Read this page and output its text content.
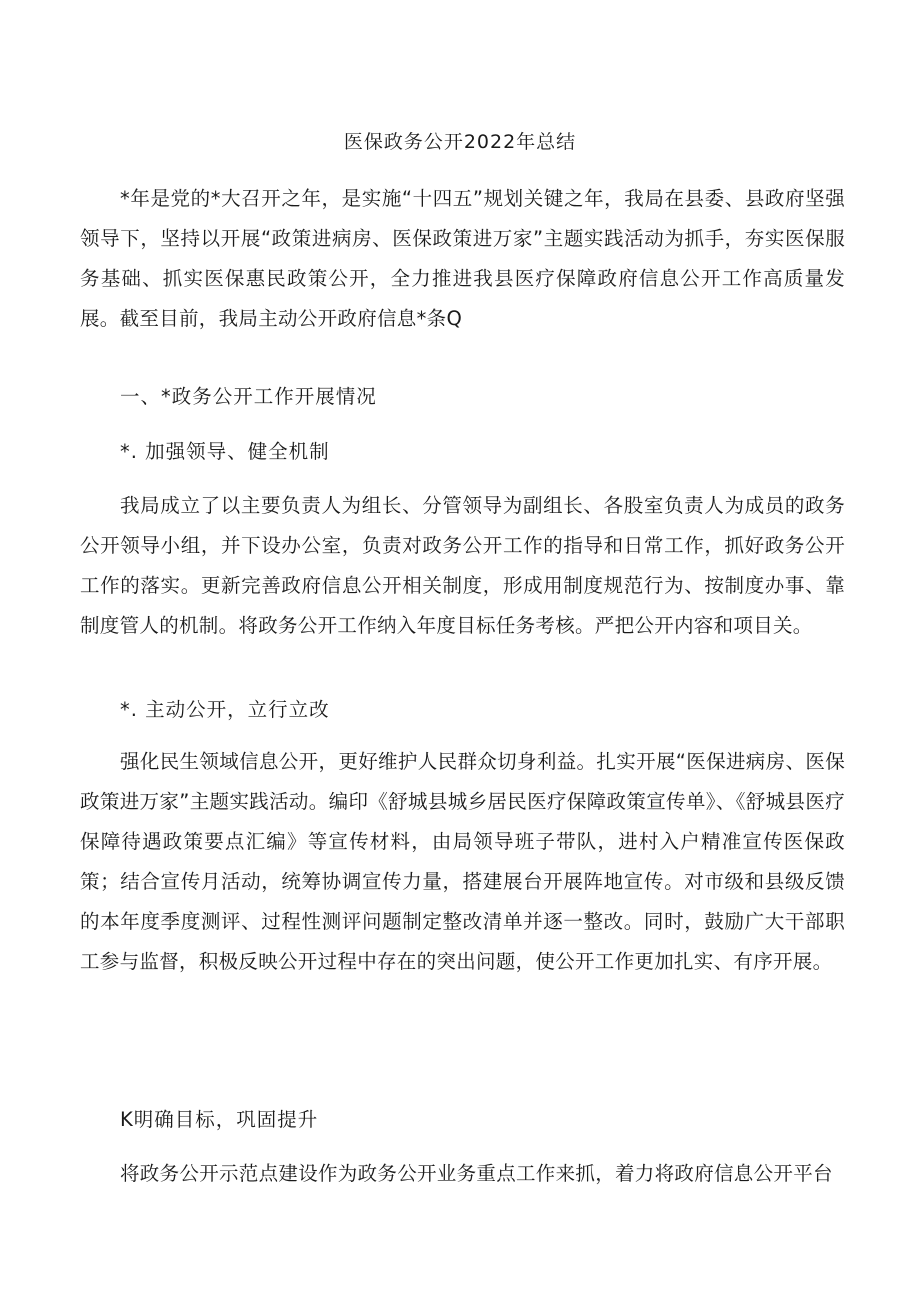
医保政务公开2022年总结

*年是党的*大召开之年，是实施“十四五”规划关键之年，我局在县委、县政府坚强领导下，坚持以开展“政策进病房、医保政策进万家”主题实践活动为抓手，夯实医保服务基础、抓实医保惠民政策公开，全力推进我县医疗保障政府信息公开工作高质量发展。截至目前，我局主动公开政府信息*条Q

一、*政务公开工作开展情况

*. 加强领导、健全机制

我局成立了以主要负责人为组长、分管领导为副组长、各股室负责人为成员的政务公开领导小组，并下设办公室，负责对政务公开工作的指导和日常工作，抓好政务公开工作的落实。更新完善政府信息公开相关制度，形成用制度规范行为、按制度办事、靠制度管人的机制。将政务公开工作纳入年度目标任务考核。严把公开内容和项目关。

*. 主动公开，立行立改

强化民生领域信息公开，更好维护人民群众切身利益。扎实开展“医保进病房、医保政策进万家”主题实践活动。编印《舒城县城乡居民医疗保障政策宣传单》、《舒城县医疗保障待遇政策要点汇编》等宣传材料，由局领导班子带队，进村入户精准宣传医保政策；结合宣传月活动，统筹协调宣传力量，搭建展台开展阵地宣传。对市级和县级反馈的本年度季度测评、过程性测评问题制定整改清单并逐一整改。同时，鼓励广大干部职工参与监督，积极反映公开过程中存在的突出问题，使公开工作更加扎实、有序开展。

K明确目标，巩固提升

将政务公开示范点建设作为政务公开业务重点工作来抓，着力将政府信息公开平台
